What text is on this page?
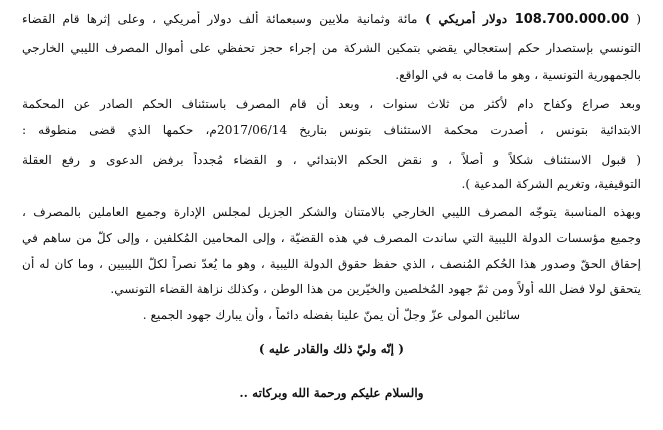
( 108.700.000.00 دولار أمريكي ) مائة وثمانية ملايين وسبعمائة ألف دولار أمريكي ، وعلى إثرها قام القضاء
التونسي بإستصدار حكم إستعجالي يقضي بتمكين الشركة من إجراء حجز تحفظي على أموال المصرف الليبي الخارجي
بالجمهورية التونسية ، وهو ما قامت به في الواقع.
وبعد صراع وكفاح دام لأكثر من ثلاث سنوات ، وبعد أن قام المصرف باستئناف الحكم الصادر عن المحكمة
الابتدائية بتونس ، أصدرت محكمة الاستئناف بتونس بتاريخ 2017/06/14م، حكمها الذي قضى منطوقه :
( قبول الاستئناف شكلاً و أصلاً ، و نقض الحكم الابتدائي ، و القضاء مُجدداً برفض الدعوى و رفع العقلة
التوقيفية، وتغريم الشركة المدعية ).
وبهذه المناسبة يتوجّه المصرف الليبي الخارجي بالامتنان والشكر الجزيل لمجلس الإدارة وجميع العاملين بالمصرف ،
وجميع مؤسسات الدولة الليبية التي ساندت المصرف في هذه القضيّة ، وإلى المحامين المُكلفين ، وإلى كلّ من ساهم في
إحقاق الحقّ وصدور هذا الحُكم المُنصف ، الذي حفظ حقوق الدولة الليبية ، وهو ما يُعدّ نصراً لكلّ الليبيين ، وما كان له أن
يتحقق لولا فضل الله أولاً ومن ثمّ جهود المُخلصين والخيّرين من هذا الوطن ، وكذلك نزاهة القضاء التونسي.
سائلين المولى عزّ وجلّ أن يمنّ علينا بفضله دائماً ، وأن يبارك جهود الجميع .
( إنّه وليّ ذلك والقادر عليه )
والسلام عليكم ورحمة الله وبركاته ..
